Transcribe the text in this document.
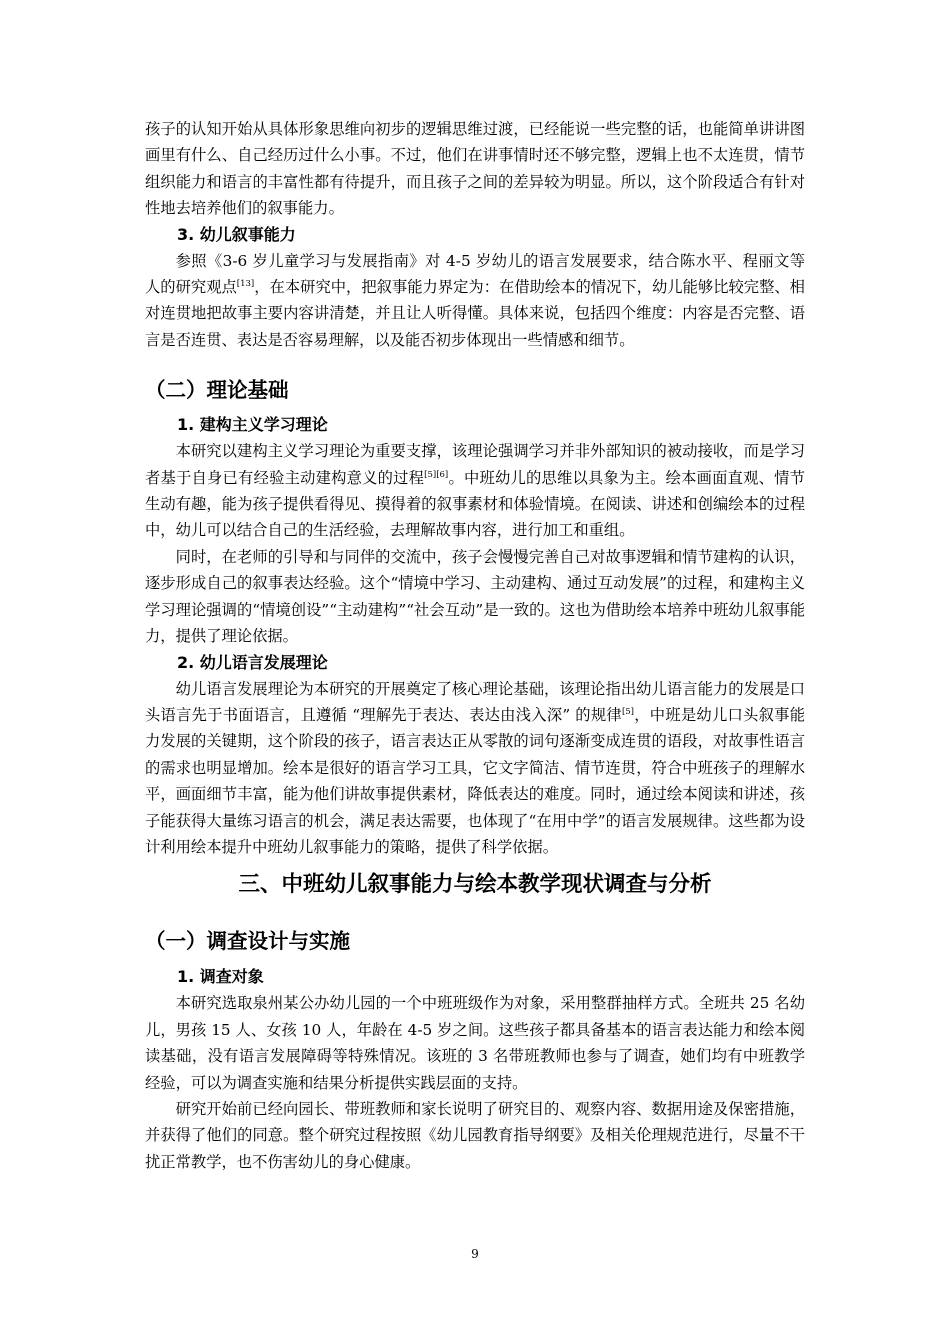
孩子的认知开始从具体形象思维向初步的逻辑思维过渡，已经能说一些完整的话，也能简单讲讲图画里有什么、自己经历过什么小事。不过，他们在讲事情时还不够完整，逻辑上也不太连贯，情节组织能力和语言的丰富性都有待提升，而且孩子之间的差异较为明显。所以，这个阶段适合有针对性地去培养他们的叙事能力。

3. 幼儿叙事能力

参照《3-6 岁儿童学习与发展指南》对 4-5 岁幼儿的语言发展要求，结合陈水平、程丽文等人的研究观点[13]，在本研究中，把叙事能力界定为：在借助绘本的情况下，幼儿能够比较完整、相对连贯地把故事主要内容讲清楚，并且让人听得懂。具体来说，包括四个维度：内容是否完整、语言是否连贯、表达是否容易理解，以及能否初步体现出一些情感和细节。

（二）理论基础
1. 建构主义学习理论

本研究以建构主义学习理论为重要支撑，该理论强调学习并非外部知识的被动接收，而是学习者基于自身已有经验主动建构意义的过程[5][6]。中班幼儿的思维以具象为主。绘本画面直观、情节生动有趣，能为孩子提供看得见、摸得着的叙事素材和体验情境。在阅读、讲述和创编绘本的过程中，幼儿可以结合自己的生活经验，去理解故事内容，进行加工和重组。

同时，在老师的引导和与同伴的交流中，孩子会慢慢完善自己对故事逻辑和情节建构的认识，逐步形成自己的叙事表达经验。这个“情境中学习、主动建构、通过互动发展”的过程，和建构主义学习理论强调的“情境创设”“主动建构”“社会互动”是一致的。这也为借助绘本培养中班幼儿叙事能力，提供了理论依据。

2. 幼儿语言发展理论

幼儿语言发展理论为本研究的开展奠定了核心理论基础，该理论指出幼儿语言能力的发展是口头语言先于书面语言，且遵循 “理解先于表达、表达由浅入深” 的规律[5]，中班是幼儿口头叙事能力发展的关键期，这个阶段的孩子，语言表达正从零散的词句逐渐变成连贯的语段，对故事性语言的需求也明显增加。绘本是很好的语言学习工具，它文字简洁、情节连贯，符合中班孩子的理解水平，画面细节丰富，能为他们讲故事提供素材，降低表达的难度。同时，通过绘本阅读和讲述，孩子能获得大量练习语言的机会，满足表达需要，也体现了“在用中学”的语言发展规律。这些都为设计利用绘本提升中班幼儿叙事能力的策略，提供了科学依据。

三、中班幼儿叙事能力与绘本教学现状调查与分析
（一）调查设计与实施
1. 调查对象

本研究选取泉州某公办幼儿园的一个中班班级作为对象，采用整群抽样方式。全班共 25 名幼儿，男孩 15 人、女孩 10 人，年龄在 4-5 岁之间。这些孩子都具备基本的语言表达能力和绘本阅读基础，没有语言发展障碍等特殊情况。该班的 3 名带班教师也参与了调查，她们均有中班教学经验，可以为调查实施和结果分析提供实践层面的支持。

研究开始前已经向园长、带班教师和家长说明了研究目的、观察内容、数据用途及保密措施，并获得了他们的同意。整个研究过程按照《幼儿园教育指导纲要》及相关伦理规范进行，尽量不干扰正常教学，也不伤害幼儿的身心健康。

9
